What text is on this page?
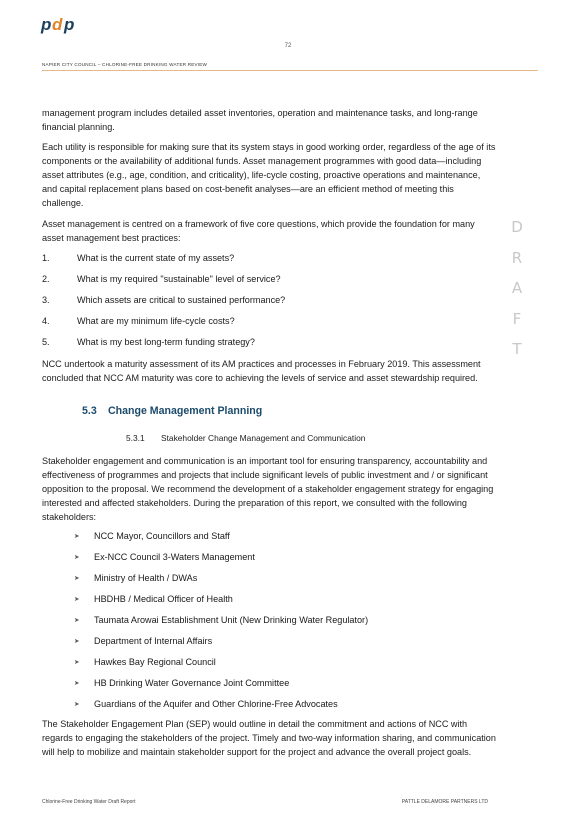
p d p
72
NAPIER CITY COUNCIL – CHLORINE-FREE DRINKING WATER REVIEW
management program includes detailed asset inventories, operation and maintenance tasks, and long-range financial planning.
Each utility is responsible for making sure that its system stays in good working order, regardless of the age of its components or the availability of additional funds. Asset management programmes with good data—including asset attributes (e.g., age, condition, and criticality), life-cycle costing, proactive operations and maintenance, and capital replacement plans based on cost-benefit analyses—are an efficient method of meeting this challenge.
Asset management is centred on a framework of five core questions, which provide the foundation for many asset management best practices:
1.	What is the current state of my assets?
2.	What is my required "sustainable" level of service?
3.	Which assets are critical to sustained performance?
4.	What are my minimum life-cycle costs?
5.	What is my best long-term funding strategy?
NCC undertook a maturity assessment of its AM practices and processes in February 2019. This assessment concluded that NCC AM maturity was core to achieving the levels of service and asset stewardship required.
5.3 Change Management Planning
5.3.1 Stakeholder Change Management and Communication
Stakeholder engagement and communication is an important tool for ensuring transparency, accountability and effectiveness of programmes and projects that include significant levels of public investment and / or significant opposition to the proposal. We recommend the development of a stakeholder engagement strategy for engaging interested and affected stakeholders. During the preparation of this report, we consulted with the following stakeholders:
➤ NCC Mayor, Councillors and Staff
➤ Ex-NCC Council 3-Waters Management
➤ Ministry of Health / DWAs
➤ HBDHB / Medical Officer of Health
➤ Taumata Arowai Establishment Unit (New Drinking Water Regulator)
➤ Department of Internal Affairs
➤ Hawkes Bay Regional Council
➤ HB Drinking Water Governance Joint Committee
➤ Guardians of the Aquifer and Other Chlorine-Free Advocates
The Stakeholder Engagement Plan (SEP) would outline in detail the commitment and actions of NCC with regards to engaging the stakeholders of the project. Timely and two-way information sharing, and communication will help to mobilize and maintain stakeholder support for the project and advance the overall project goals.
D
R
A
F
T
Chlorine-Free Drinking Water Draft Report	PATTLE DELAMORE PARTNERS LTD
